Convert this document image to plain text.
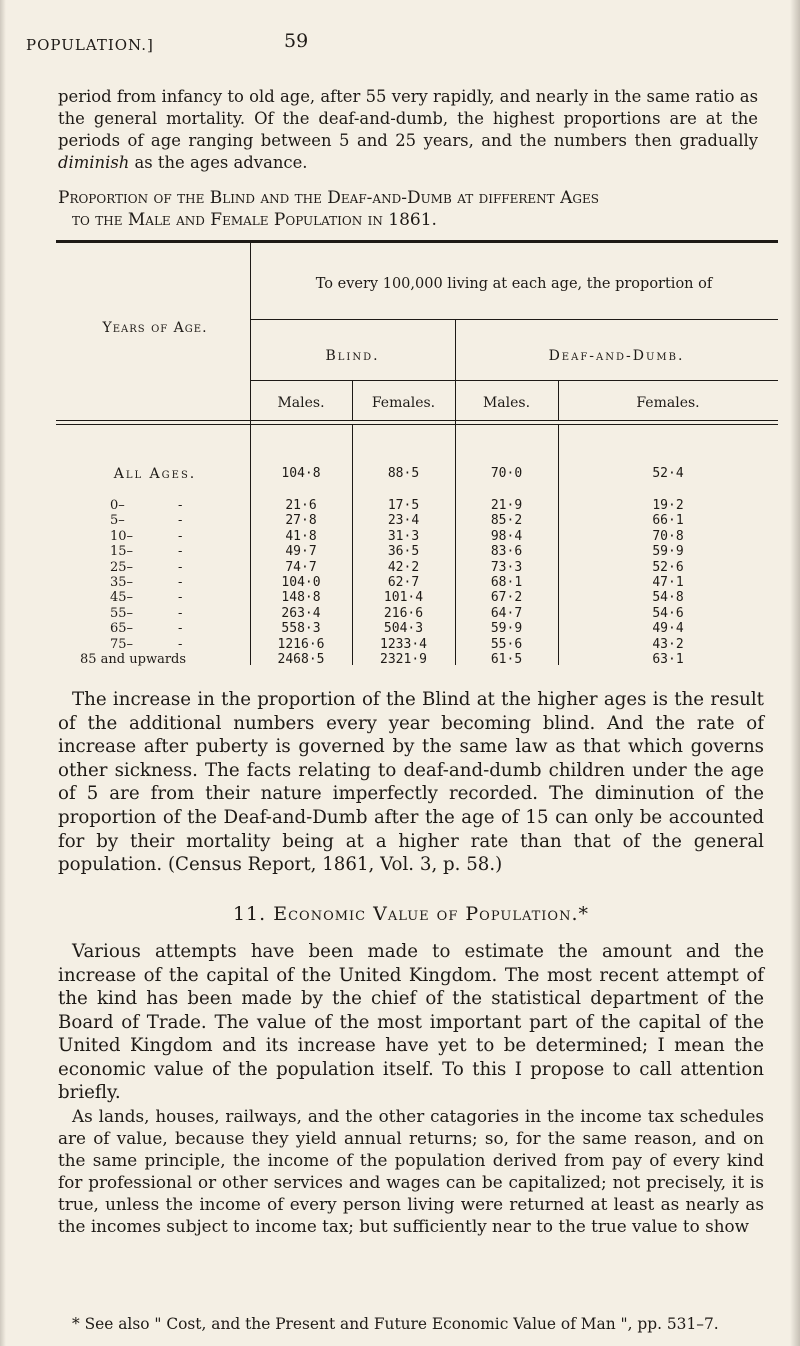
POPULATION.]	59

period from infancy to old age, after 55 very rapidly, and nearly in the same ratio as the general mortality. Of the deaf-and-dumb, the highest proportions are at the periods of age ranging between 5 and 25 years, and the numbers then gradually diminish as the ages advance.

Proportion of the Blind and the Deaf-and-Dumb at different Ages
to the Male and Female Population in 1861.
Years of Age.
To every 100,000 living at each age, the proportion of
Blind.	Deaf-and-Dumb.
Males.	Females.	Males.	Females.
All Ages.	104·8	88·5	70·0	52·4
0–	-	21·6	17·5	21·9	19·2
5–	-	27·8	23·4	85·2	66·1
10–	-	41·8	31·3	98·4	70·8
15–	-	49·7	36·5	83·6	59·9
25–	-	74·7	42·2	73·3	52·6
35–	-	104·0	62·7	68·1	47·1
45–	-	148·8	101·4	67·2	54·8
55–	-	263·4	216·6	64·7	54·6
65–	-	558·3	504·3	59·9	49·4
75–	-	1216·6	1233·4	55·6	43·2
85 and upwards	2468·5	2321·9	61·5	63·1

The increase in the proportion of the Blind at the higher ages is the result of the additional numbers every year becoming blind. And the rate of increase after puberty is governed by the same law as that which governs other sickness. The facts relating to deaf-and-dumb children under the age of 5 are from their nature imperfectly recorded. The diminution of the proportion of the Deaf-and-Dumb after the age of 15 can only be accounted for by their mortality being at a higher rate than that of the general population. (Census Report, 1861, Vol. 3, p. 58.)

11. Economic Value of Population.*

Various attempts have been made to estimate the amount and the increase of the capital of the United Kingdom. The most recent attempt of the kind has been made by the chief of the statistical department of the Board of Trade. The value of the most important part of the capital of the United Kingdom and its increase have yet to be determined; I mean the economic value of the population itself. To this I propose to call attention briefly.

As lands, houses, railways, and the other catagories in the income tax schedules are of value, because they yield annual returns; so, for the same reason, and on the same principle, the income of the population derived from pay of every kind for professional or other services and wages can be capitalized; not precisely, it is true, unless the income of every person living were returned at least as nearly as the incomes subject to income tax; but sufficiently near to the true value to show

* See also " Cost, and the Present and Future Economic Value of Man ", pp. 531–7.
